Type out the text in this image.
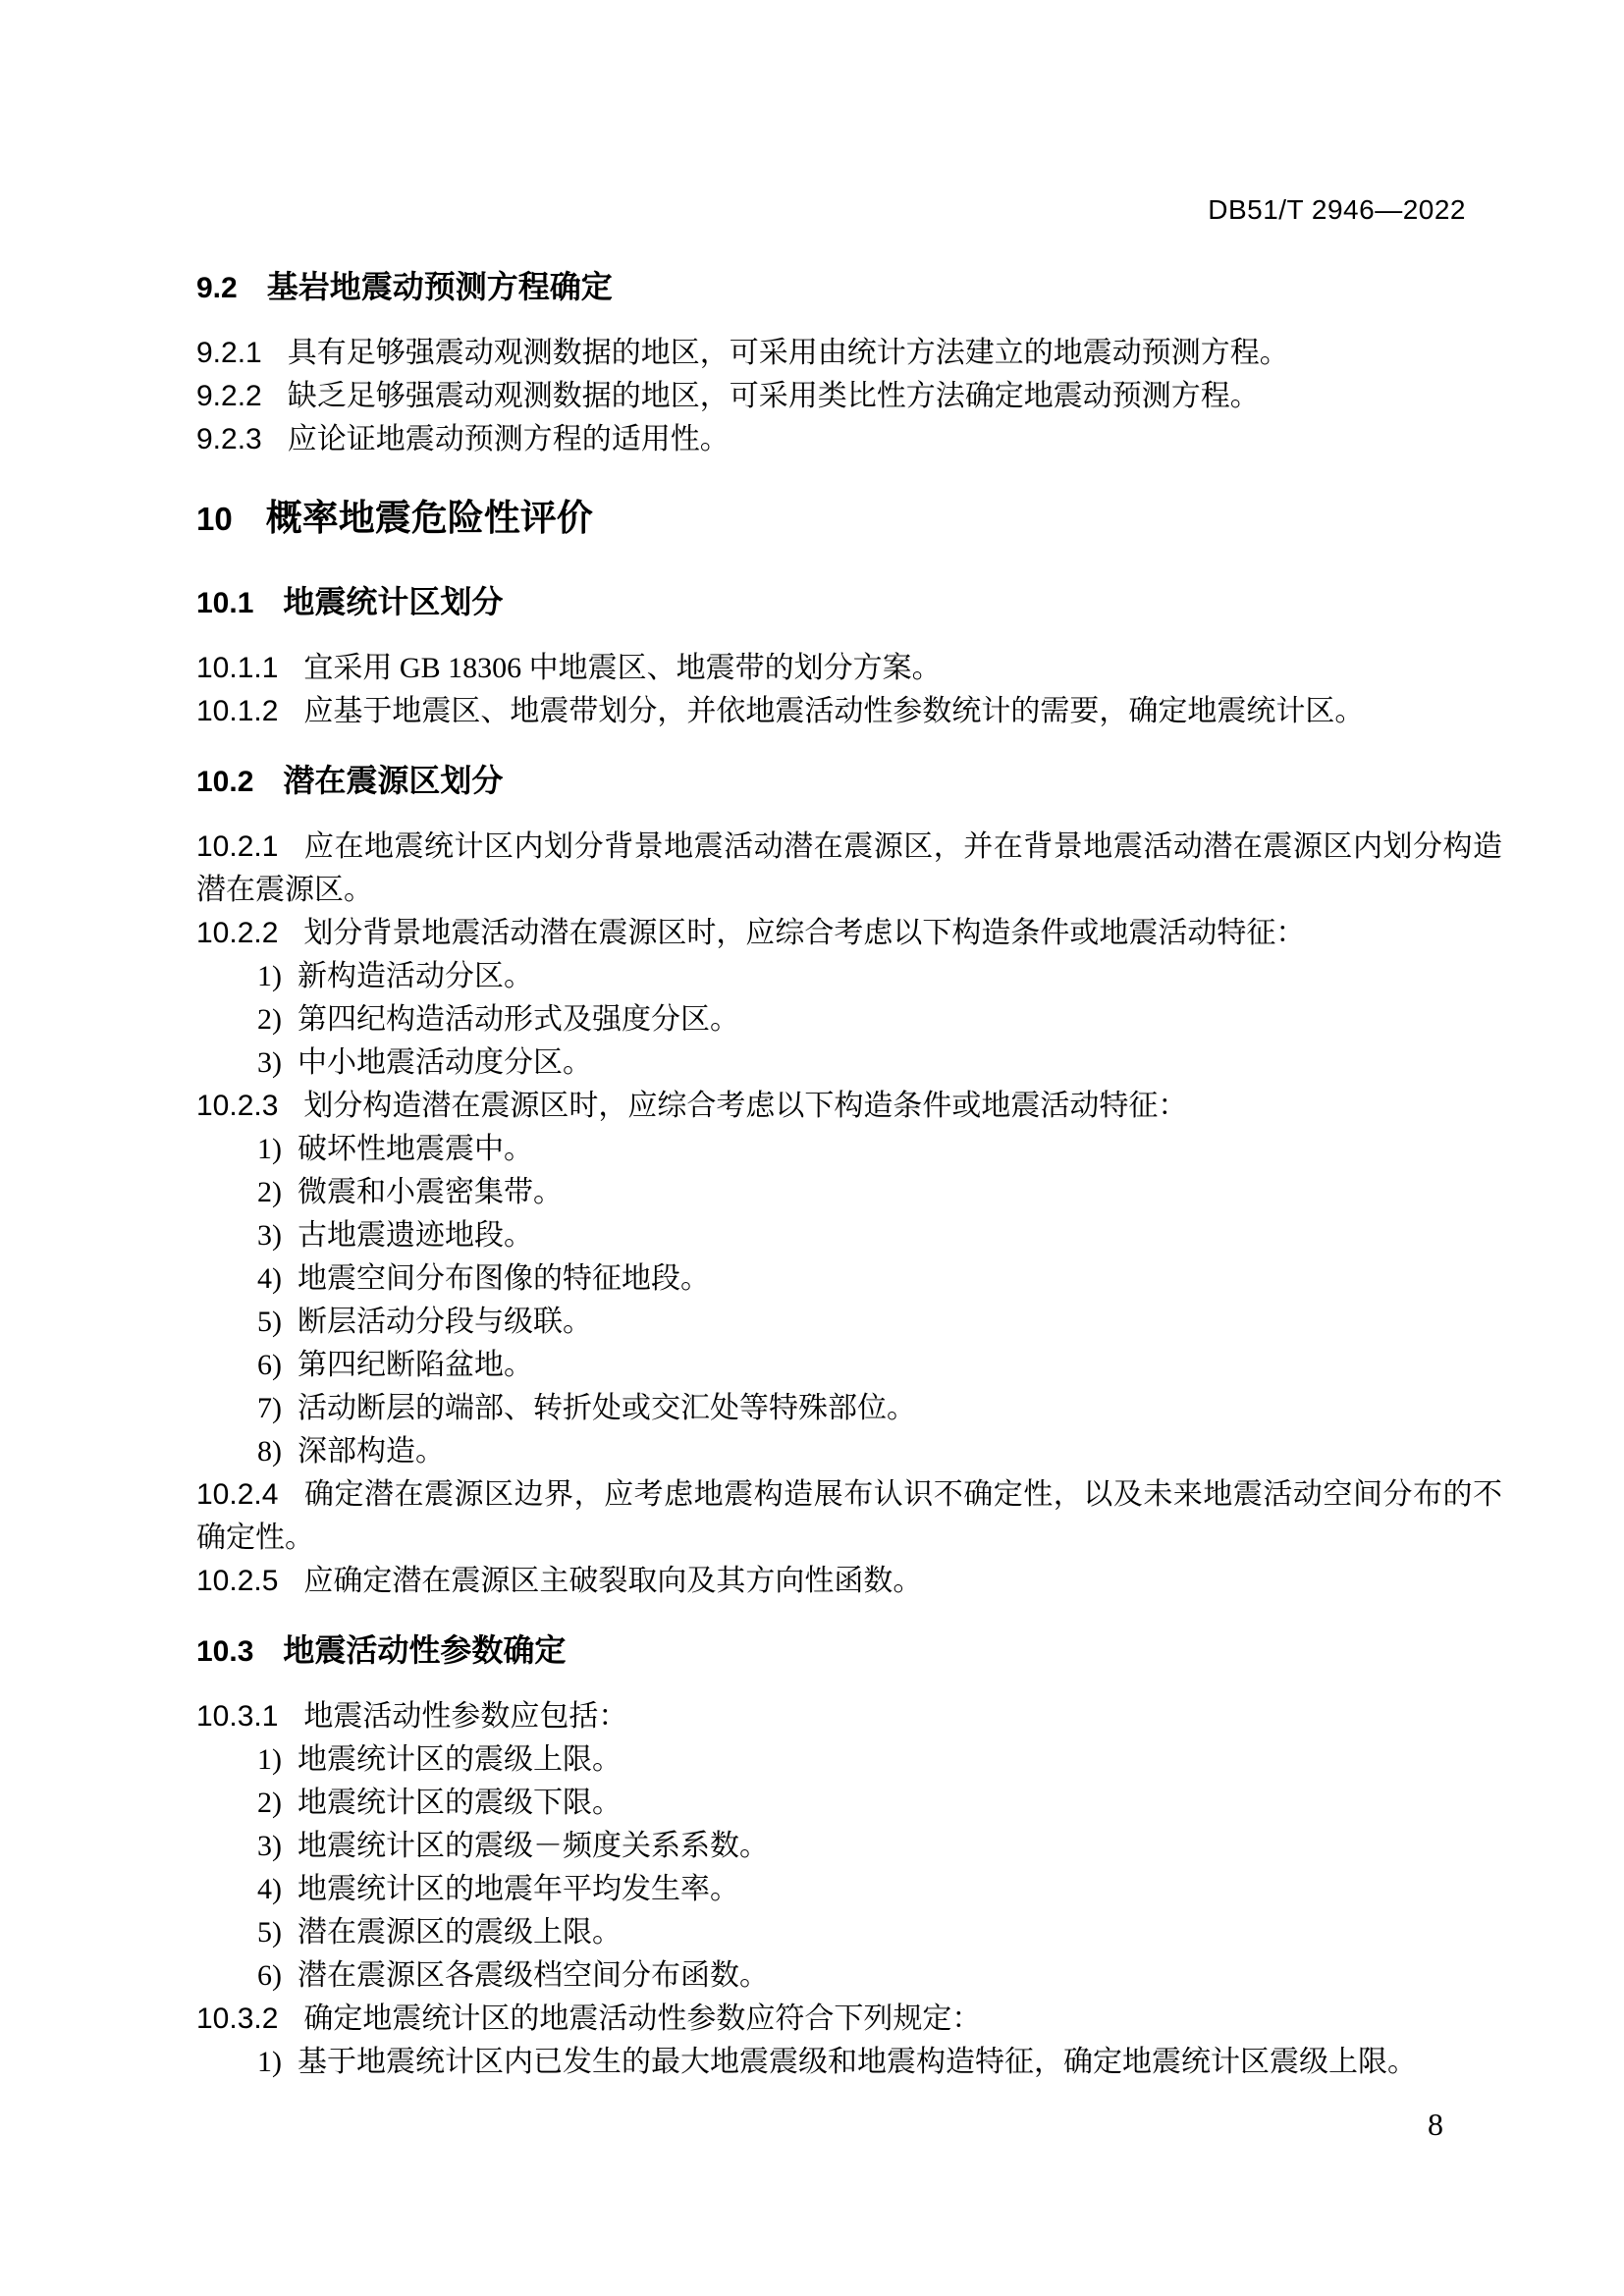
DB51/T 2946—2022
9.2 基岩地震动预测方程确定
9.2.1 具有足够强震动观测数据的地区，可采用由统计方法建立的地震动预测方程。
9.2.2 缺乏足够强震动观测数据的地区，可采用类比性方法确定地震动预测方程。
9.2.3 应论证地震动预测方程的适用性。
10 概率地震危险性评价
10.1 地震统计区划分
10.1.1 宜采用 GB 18306 中地震区、地震带的划分方案。
10.1.2 应基于地震区、地震带划分，并依地震活动性参数统计的需要，确定地震统计区。
10.2 潜在震源区划分
10.2.1 应在地震统计区内划分背景地震活动潜在震源区，并在背景地震活动潜在震源区内划分构造潜在震源区。
10.2.2 划分背景地震活动潜在震源区时，应综合考虑以下构造条件或地震活动特征：
1) 新构造活动分区。
2) 第四纪构造活动形式及强度分区。
3) 中小地震活动度分区。
10.2.3 划分构造潜在震源区时，应综合考虑以下构造条件或地震活动特征：
1) 破坏性地震震中。
2) 微震和小震密集带。
3) 古地震遗迹地段。
4) 地震空间分布图像的特征地段。
5) 断层活动分段与级联。
6) 第四纪断陷盆地。
7) 活动断层的端部、转折处或交汇处等特殊部位。
8) 深部构造。
10.2.4 确定潜在震源区边界，应考虑地震构造展布认识不确定性，以及未来地震活动空间分布的不确定性。
10.2.5 应确定潜在震源区主破裂取向及其方向性函数。
10.3 地震活动性参数确定
10.3.1 地震活动性参数应包括：
1) 地震统计区的震级上限。
2) 地震统计区的震级下限。
3) 地震统计区的震级－频度关系系数。
4) 地震统计区的地震年平均发生率。
5) 潜在震源区的震级上限。
6) 潜在震源区各震级档空间分布函数。
10.3.2 确定地震统计区的地震活动性参数应符合下列规定：
1) 基于地震统计区内已发生的最大地震震级和地震构造特征，确定地震统计区震级上限。
8
